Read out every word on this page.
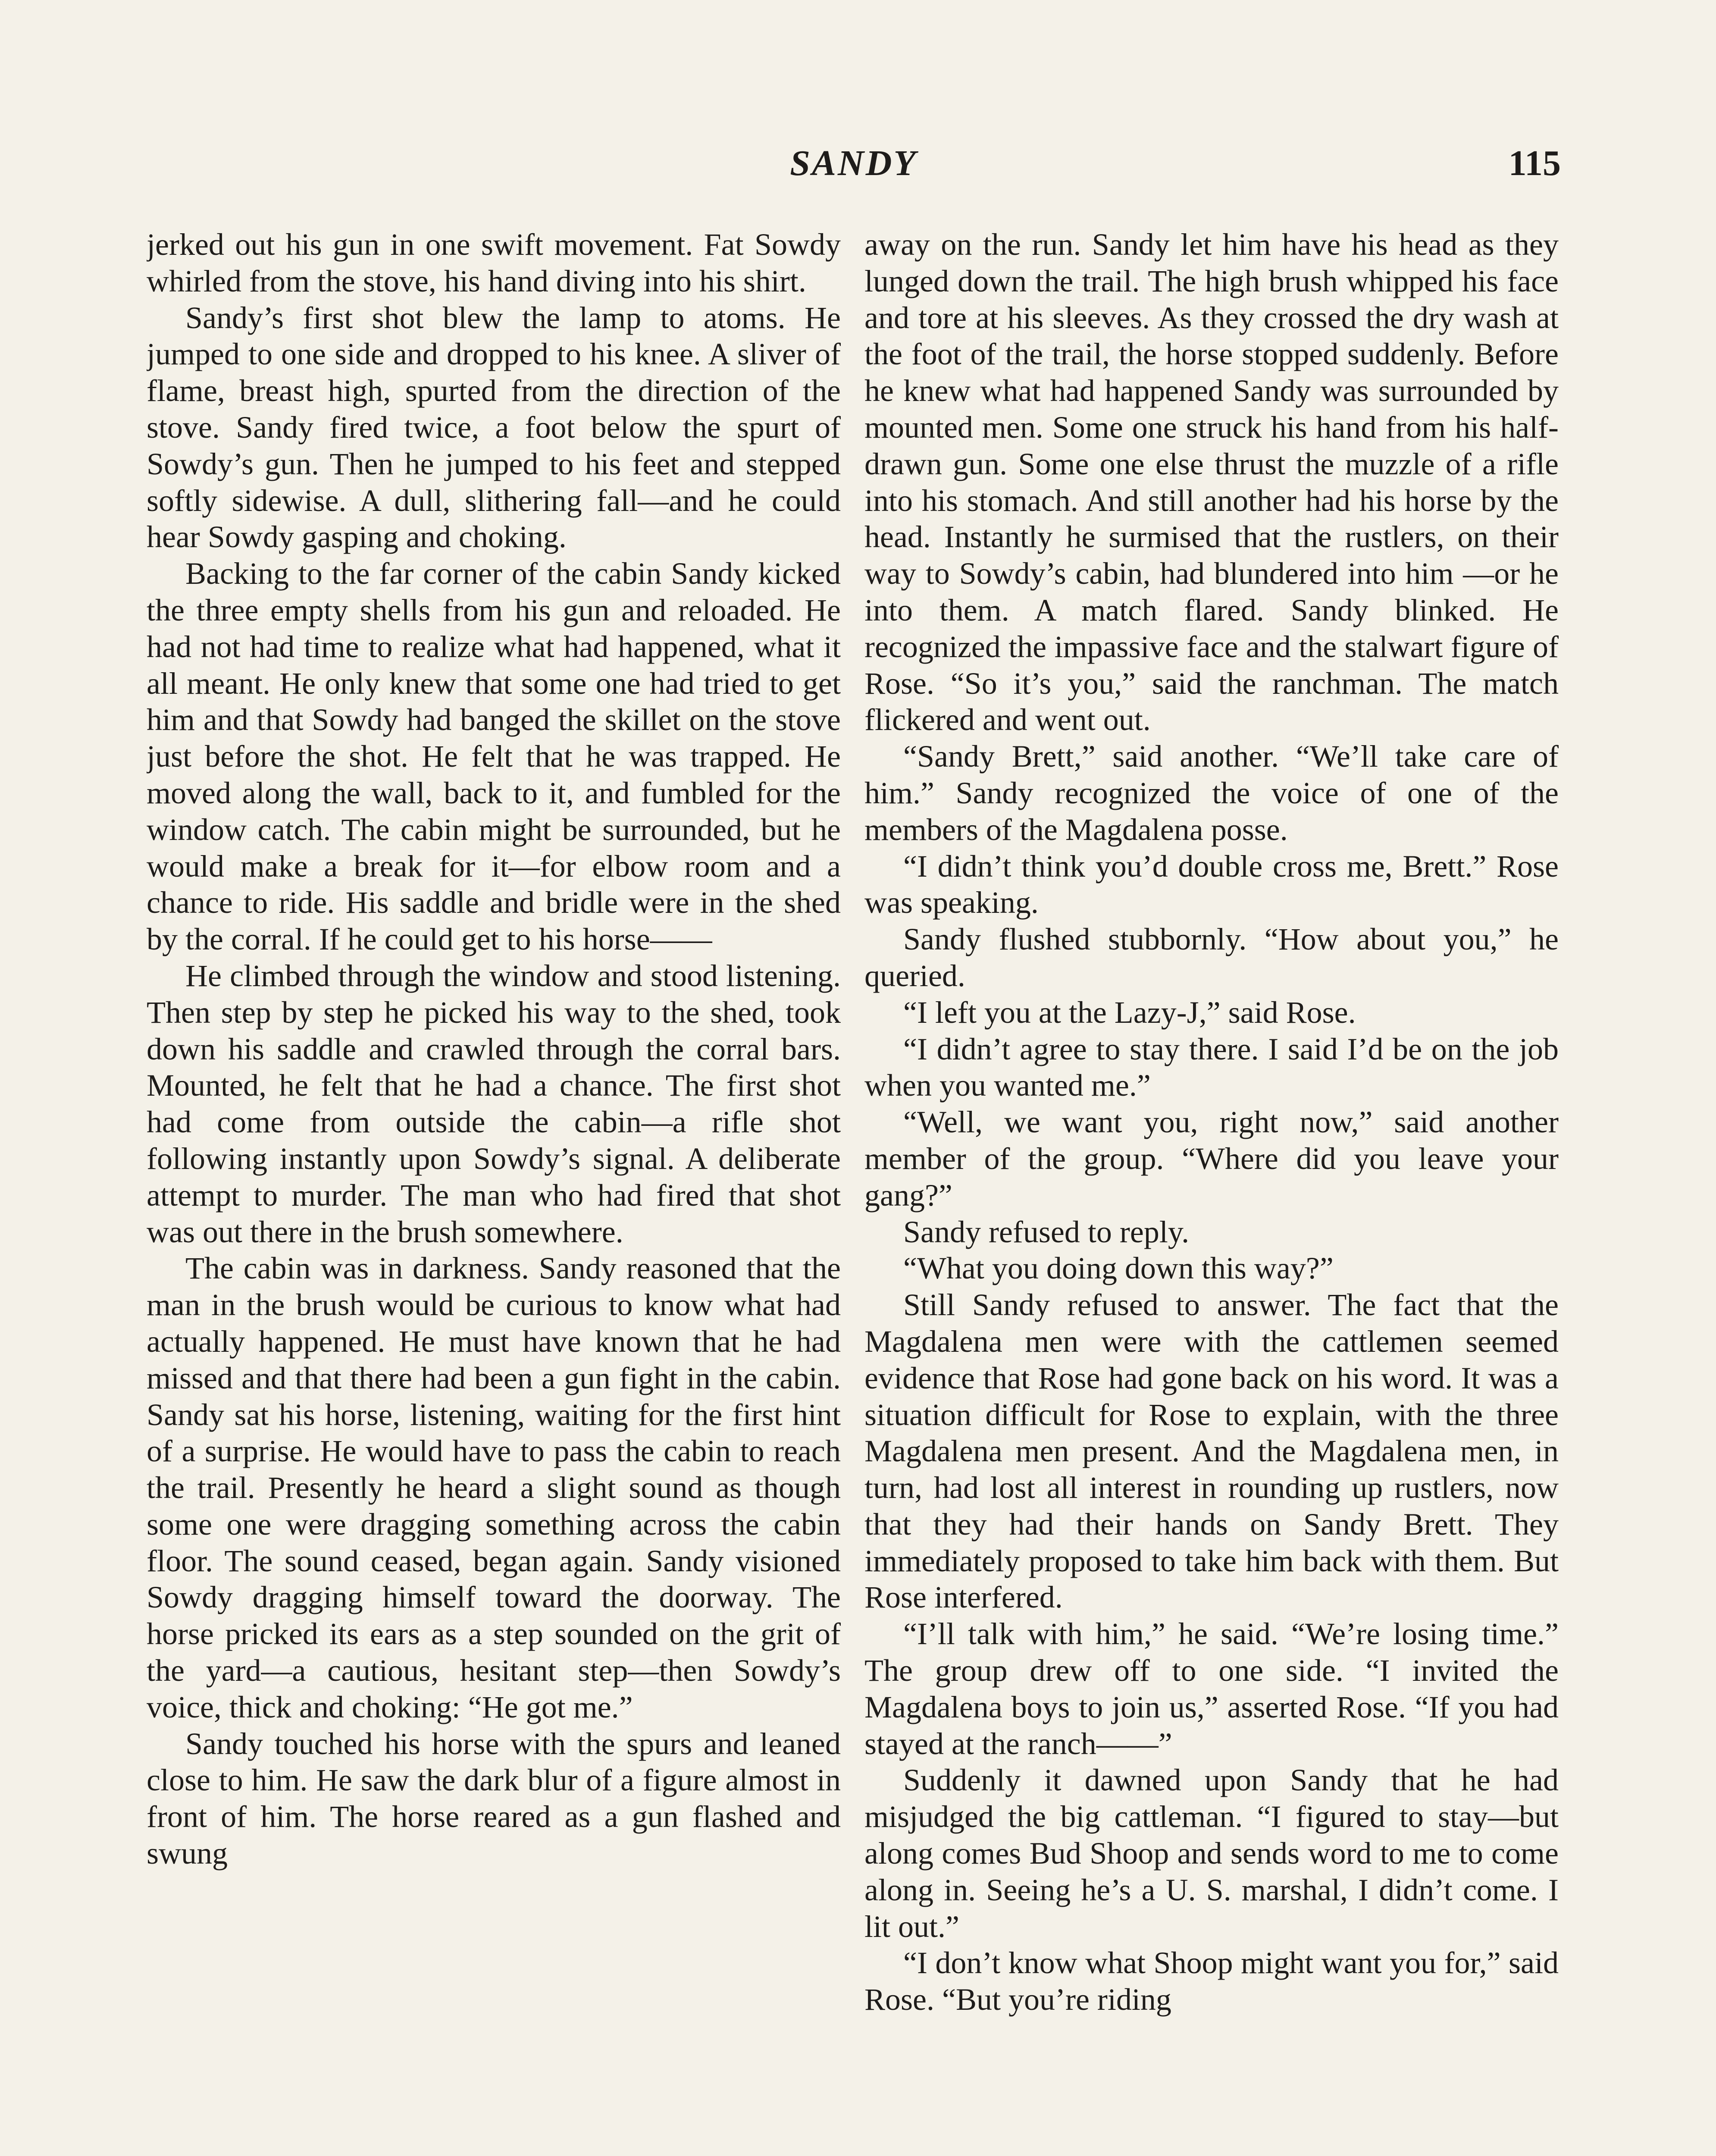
SANDY	115

jerked out his gun in one swift movement. Fat Sowdy whirled from the stove, his hand diving into his shirt.

Sandy’s first shot blew the lamp to atoms. He jumped to one side and dropped to his knee. A sliver of flame, breast high, spurted from the direction of the stove. Sandy fired twice, a foot below the spurt of Sowdy’s gun. Then he jumped to his feet and stepped softly sidewise. A dull, slithering fall—and he could hear Sowdy gasping and choking.

Backing to the far corner of the cabin Sandy kicked the three empty shells from his gun and reloaded. He had not had time to realize what had happened, what it all meant. He only knew that some one had tried to get him and that Sowdy had banged the skillet on the stove just before the shot. He felt that he was trapped. He moved along the wall, back to it, and fumbled for the window catch. The cabin might be surrounded, but he would make a break for it—for elbow room and a chance to ride. His saddle and bridle were in the shed by the corral. If he could get to his horse——

He climbed through the window and stood listening. Then step by step he picked his way to the shed, took down his saddle and crawled through the corral bars. Mounted, he felt that he had a chance. The first shot had come from outside the cabin—a rifle shot following instantly upon Sowdy’s signal. A deliberate attempt to murder. The man who had fired that shot was out there in the brush somewhere.

The cabin was in darkness. Sandy reasoned that the man in the brush would be curious to know what had actually happened. He must have known that he had missed and that there had been a gun fight in the cabin. Sandy sat his horse, listening, waiting for the first hint of a surprise. He would have to pass the cabin to reach the trail. Presently he heard a slight sound as though some one were dragging something across the cabin floor. The sound ceased, began again. Sandy visioned Sowdy dragging himself toward the doorway. The horse pricked its ears as a step sounded on the grit of the yard—a cautious, hesitant step—then Sowdy’s voice, thick and choking: “He got me.”

Sandy touched his horse with the spurs and leaned close to him. He saw the dark blur of a figure almost in front of him. The horse reared as a gun flashed and swung

away on the run. Sandy let him have his head as they lunged down the trail. The high brush whipped his face and tore at his sleeves. As they crossed the dry wash at the foot of the trail, the horse stopped suddenly. Before he knew what had happened Sandy was surrounded by mounted men. Some one struck his hand from his half-drawn gun. Some one else thrust the muzzle of a rifle into his stomach. And still another had his horse by the head. Instantly he surmised that the rustlers, on their way to Sowdy’s cabin, had blundered into him —or he into them. A match flared. Sandy blinked. He recognized the impassive face and the stalwart figure of Rose. “So it’s you,” said the ranchman. The match flickered and went out.

“Sandy Brett,” said another. “We’ll take care of him.” Sandy recognized the voice of one of the members of the Magdalena posse.

“I didn’t think you’d double cross me, Brett.” Rose was speaking.

Sandy flushed stubbornly. “How about you,” he queried.

“I left you at the Lazy-J,” said Rose.

“I didn’t agree to stay there. I said I’d be on the job when you wanted me.”

“Well, we want you, right now,” said another member of the group. “Where did you leave your gang?”

Sandy refused to reply.

“What you doing down this way?”

Still Sandy refused to answer. The fact that the Magdalena men were with the cattlemen seemed evidence that Rose had gone back on his word. It was a situation difficult for Rose to explain, with the three Magdalena men present. And the Magdalena men, in turn, had lost all interest in rounding up rustlers, now that they had their hands on Sandy Brett. They immediately proposed to take him back with them. But Rose interfered.

“I’ll talk with him,” he said. “We’re losing time.” The group drew off to one side. “I invited the Magdalena boys to join us,” asserted Rose. “If you had stayed at the ranch——”

Suddenly it dawned upon Sandy that he had misjudged the big cattleman. “I figured to stay—but along comes Bud Shoop and sends word to me to come along in. Seeing he’s a U. S. marshal, I didn’t come. I lit out.”

“I don’t know what Shoop might want you for,” said Rose. “But you’re riding
